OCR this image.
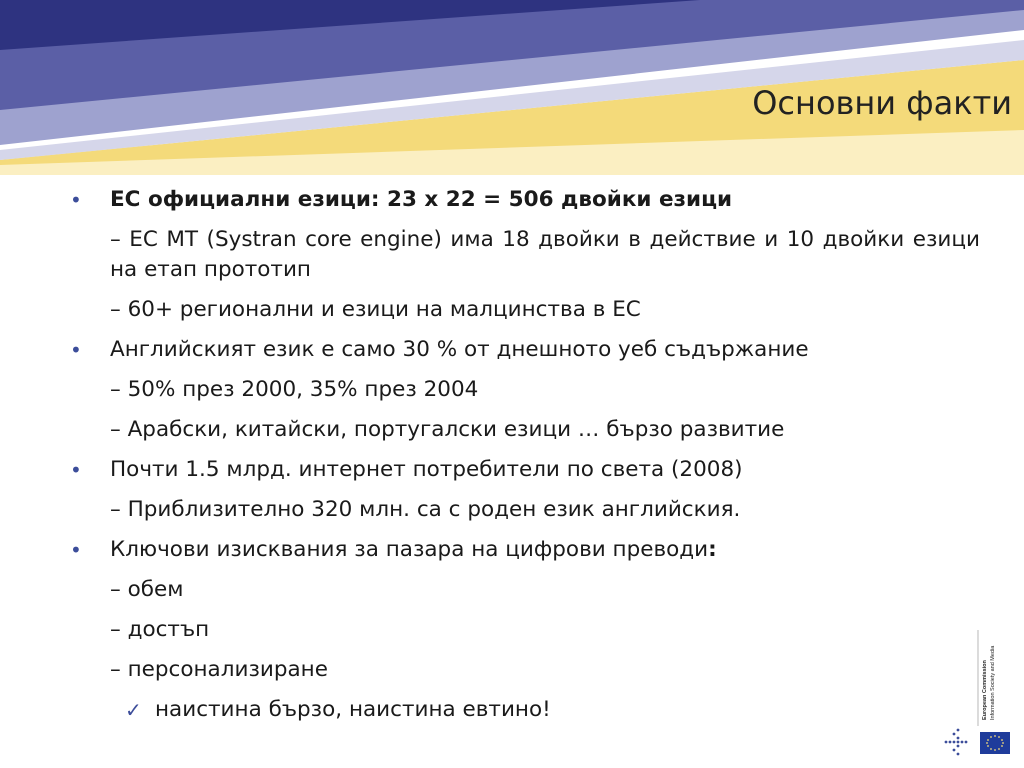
Основни факти
• ЕС официални езици: 23 x 22 = 506 двойки езици
– ЕС МТ (Systran core engine) има 18 двойки в действие и 10 двойки езици на етап прототип
– 60+ регионални и езици на малцинства в ЕС
• Английският език е само 30 % от днешното уеб съдържание
– 50% през 2000, 35% през 2004
– Арабски, китайски, португалски езици … бързо развитие
• Почти 1.5 млрд. интернет потребители по света (2008)
– Приблизително 320 млн. са с роден език английския.
• Ключови изисквания за пазара на цифрови преводи:
– обем
– достъп
– персонализиране
✓ наистина бързо, наистина евтино!	European Commission Information Society and Media
